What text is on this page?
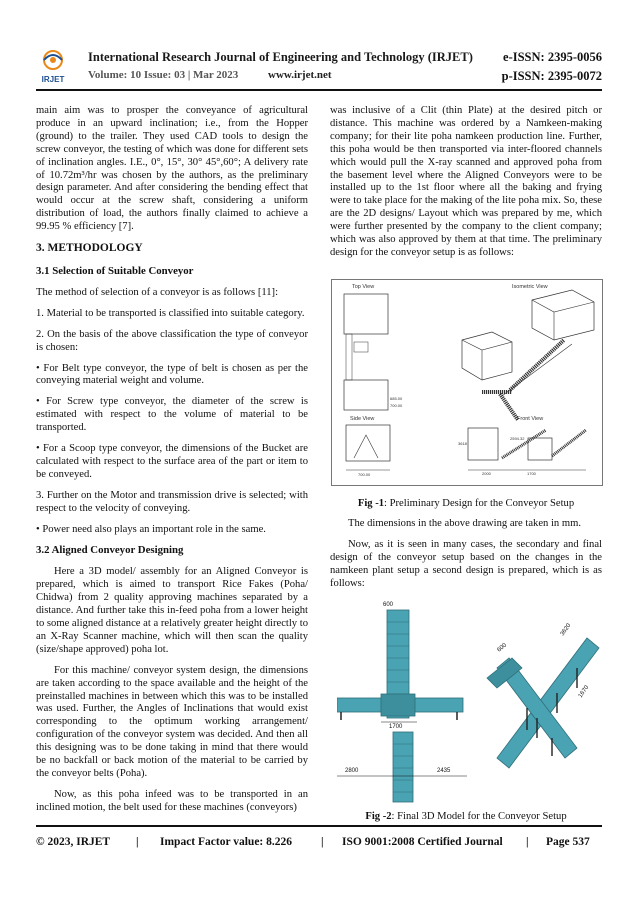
IRJET
International Research Journal of Engineering and Technology (IRJET) e-ISSN: 2395-0056
Volume: 10 Issue: 03 | Mar 2023	www.irjet.net	p-ISSN: 2395-0072

main aim was to prosper the conveyance of agricultural produce in an upward inclination; i.e., from the Hopper (ground) to the trailer. They used CAD tools to design the screw conveyor, the testing of which was done for different sets of inclination angles. I.E., 0°, 15°, 30° 45°,60°; A delivery rate of 10.72m³/hr was chosen by the authors, as the preliminary design parameter. And after considering the bending effect that would occur at the screw shaft, considering a uniform distribution of load, the authors finally claimed to achieve a 99.95 % efficiency [7].

3. METHODOLOGY
3.1 Selection of Suitable Conveyor

The method of selection of a conveyor is as follows [11]:

1. Material to be transported is classified into suitable category.

2. On the basis of the above classification the type of conveyor is chosen:

• For Belt type conveyor, the type of belt is chosen as per the conveying material weight and volume.

• For Screw type conveyor, the diameter of the screw is estimated with respect to the volume of material to be transported.

• For a Scoop type conveyor, the dimensions of the Bucket are calculated with respect to the surface area of the part or item to be conveyed.

3. Further on the Motor and transmission drive is selected; with respect to the velocity of conveying.

• Power need also plays an important role in the same.

3.2 Aligned Conveyor Designing

Here a 3D model/ assembly for an Aligned Conveyor is prepared, which is aimed to transport Rice Fakes (Poha/ Chidwa) from 2 quality approving machines separated by a distance. And further take this in-feed poha from a lower height to some aligned distance at a relatively greater height directly to an X-Ray Scanner machine, which will then scan the quality (size/shape approved) poha lot.

For this machine/ conveyor system design, the dimensions are taken according to the space available and the height of the preinstalled machines in between which this was to be installed was used. Further, the Angles of Inclinations that would exist corresponding to the optimum working arrangement/ configuration of the conveyor system was decided. And then all this designing was to be done taking in mind that there would be no backfall or back motion of the material to be carried by the conveyor belts (Poha).

Now, as this poha infeed was to be transported in an inclined motion, the belt used for these machines (conveyors)

was inclusive of a Clit (thin Plate) at the desired pitch or distance. This machine was ordered by a Namkeen-making company; for their lite poha namkeen production line. Further, this poha would be then transported via inter-floored channels which would pull the X-ray scanned and approved poha from the basement level where the Aligned Conveyors were to be installed up to the 1st floor where all the baking and frying were to take place for the making of the lite poha mix. So, these are the 2D designs/ Layout which was prepared by me, which were further presented by the company to the client company; which was also approved by them at that time. The preliminary design for the conveyor setup is as follows:

Top View
685.00
700.00
Isometric View
Side View
700.00
Front View
2000	1700
3618
2594.32
Fig -1: Preliminary Design for the Conveyor Setup

The dimensions in the above drawing are taken in mm.

Now, as it is seen in many cases, the secondary and final design of the conveyor setup based on the changes in the namkeen plant setup a second design is prepared, which is as follows:

600
1700
2800	2435
600
3620
1670
Fig -2: Final 3D Model for the Conveyor Setup
© 2023, IRJET | Impact Factor value: 8.226	| ISO 9001:2008 Certified Journal | Page 537
